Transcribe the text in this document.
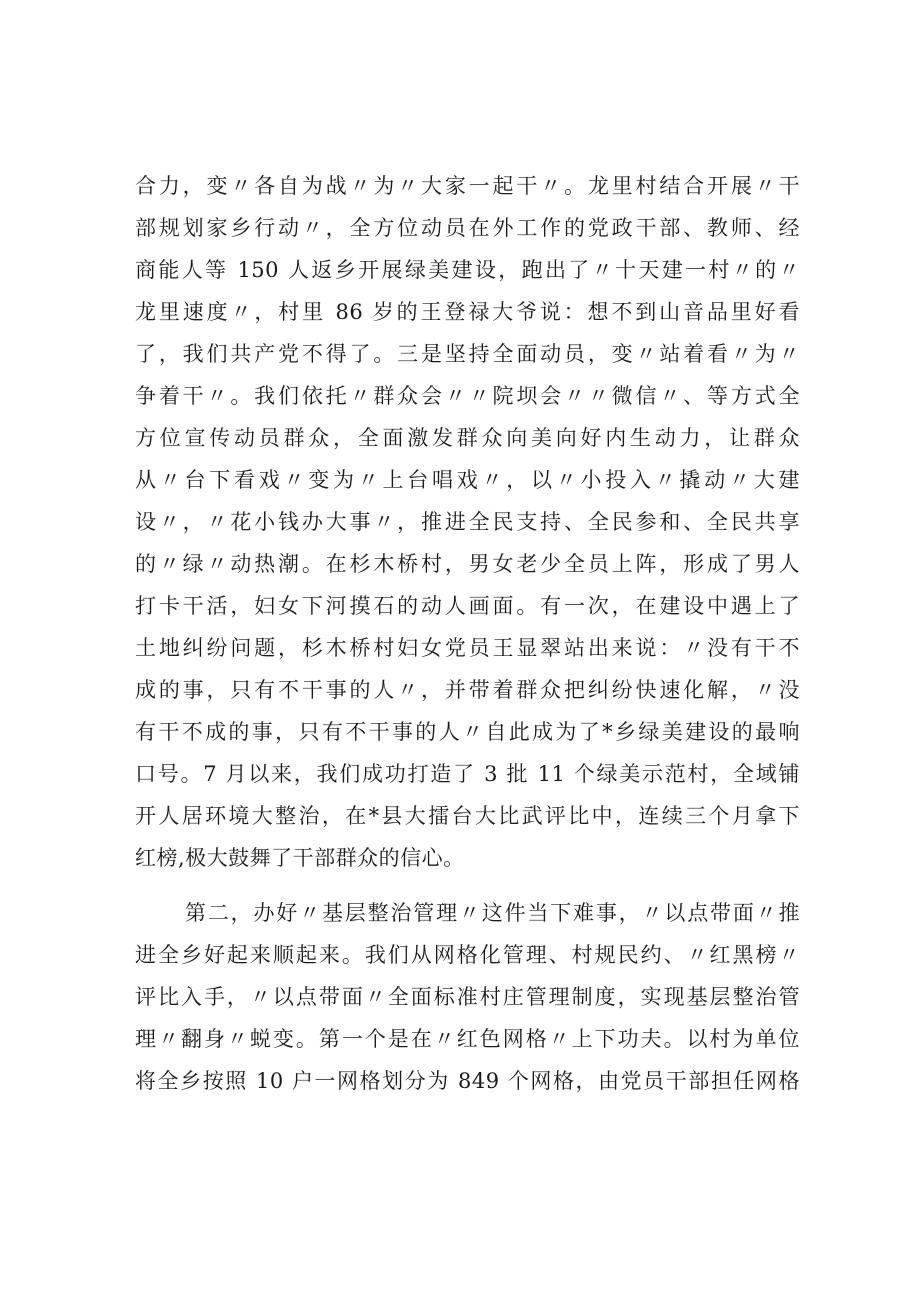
合力，变〃各自为战〃为〃大家一起干〃。龙里村结合开展〃干
部规划家乡行动〃，全方位动员在外工作的党政干部、教师、经
商能人等 150 人返乡开展绿美建设，跑出了〃十天建一村〃的〃
龙里速度〃，村里 86 岁的王登禄大爷说：想不到山音品里好看
了，我们共产党不得了。三是坚持全面动员，变〃站着看〃为〃
争着干〃。我们依托〃群众会〃〃院坝会〃〃微信〃、等方式全
方位宣传动员群众，全面激发群众向美向好内生动力，让群众
从〃台下看戏〃变为〃上台唱戏〃，以〃小投入〃撬动〃大建
设〃，〃花小钱办大事〃，推进全民支持、全民参和、全民共享
的〃绿〃动热潮。在杉木桥村，男女老少全员上阵，形成了男人
打卡干活，妇女下河摸石的动人画面。有一次，在建设中遇上了
土地纠纷问题，杉木桥村妇女党员王显翠站出来说：〃没有干不
成的事，只有不干事的人〃，并带着群众把纠纷快速化解，〃没
有干不成的事，只有不干事的人〃自此成为了*乡绿美建设的最响
口号。7 月以来，我们成功打造了 3 批 11 个绿美示范村，全域铺
开人居环境大整治，在*县大擂台大比武评比中，连续三个月拿下
红榜,极大鼓舞了干部群众的信心。
第二，办好〃基层整治管理〃这件当下难事，〃以点带面〃推
进全乡好起来顺起来。我们从网格化管理、村规民约、〃红黑榜〃
评比入手，〃以点带面〃全面标准村庄管理制度，实现基层整治管
理〃翻身〃蜕变。第一个是在〃红色网格〃上下功夫。以村为单位
将全乡按照 10 户一网格划分为 849 个网格，由党员干部担任网格
